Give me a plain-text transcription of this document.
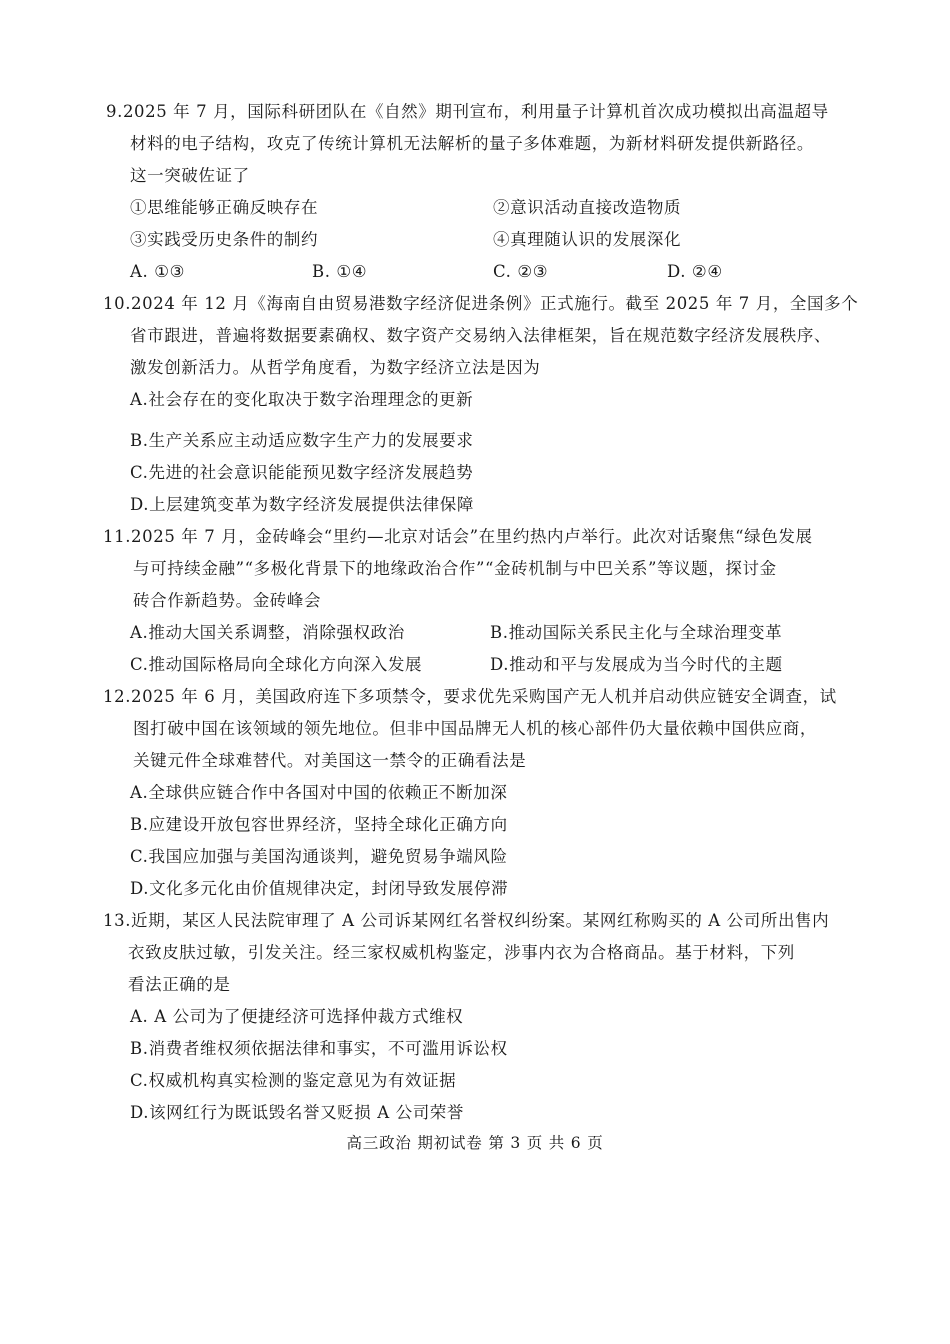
9.2025 年 7 月，国际科研团队在《自然》期刊宣布，利用量子计算机首次成功模拟出高温超导
材料的电子结构，攻克了传统计算机无法解析的量子多体难题，为新材料研发提供新路径。
这一突破佐证了
①思维能够正确反映存在	②意识活动直接改造物质
③实践受历史条件的制约	④真理随认识的发展深化
A. ①③	B. ①④	C. ②③	D. ②④
10.2024 年 12 月《海南自由贸易港数字经济促进条例》正式施行。截至 2025 年 7 月，全国多个
省市跟进，普遍将数据要素确权、数字资产交易纳入法律框架，旨在规范数字经济发展秩序、
激发创新活力。从哲学角度看，为数字经济立法是因为
A.社会存在的变化取决于数字治理理念的更新
B.生产关系应主动适应数字生产力的发展要求
C.先进的社会意识能能预见数字经济发展趋势
D.上层建筑变革为数字经济发展提供法律保障
11.2025 年 7 月，金砖峰会“里约—北京对话会”在里约热内卢举行。此次对话聚焦“绿色发展
与可持续金融”“多极化背景下的地缘政治合作”“金砖机制与中巴关系”等议题，探讨金
砖合作新趋势。金砖峰会
A.推动大国关系调整，消除强权政治	B.推动国际关系民主化与全球治理变革
C.推动国际格局向全球化方向深入发展	D.推动和平与发展成为当今时代的主题
12.2025 年 6 月，美国政府连下多项禁令，要求优先采购国产无人机并启动供应链安全调查，试
图打破中国在该领域的领先地位。但非中国品牌无人机的核心部件仍大量依赖中国供应商，
关键元件全球难替代。对美国这一禁令的正确看法是
A.全球供应链合作中各国对中国的依赖正不断加深
B.应建设开放包容世界经济，坚持全球化正确方向
C.我国应加强与美国沟通谈判，避免贸易争端风险
D.文化多元化由价值规律决定，封闭导致发展停滞
13.近期，某区人民法院审理了 A 公司诉某网红名誉权纠纷案。某网红称购买的 A 公司所出售内
衣致皮肤过敏，引发关注。经三家权威机构鉴定，涉事内衣为合格商品。基于材料，下列
看法正确的是
A. A 公司为了便捷经济可选择仲裁方式维权
B.消费者维权须依据法律和事实，不可滥用诉讼权
C.权威机构真实检测的鉴定意见为有效证据
D.该网红行为既诋毁名誉又贬损 A 公司荣誉
高三政治 期初试卷 第 3 页 共 6 页
